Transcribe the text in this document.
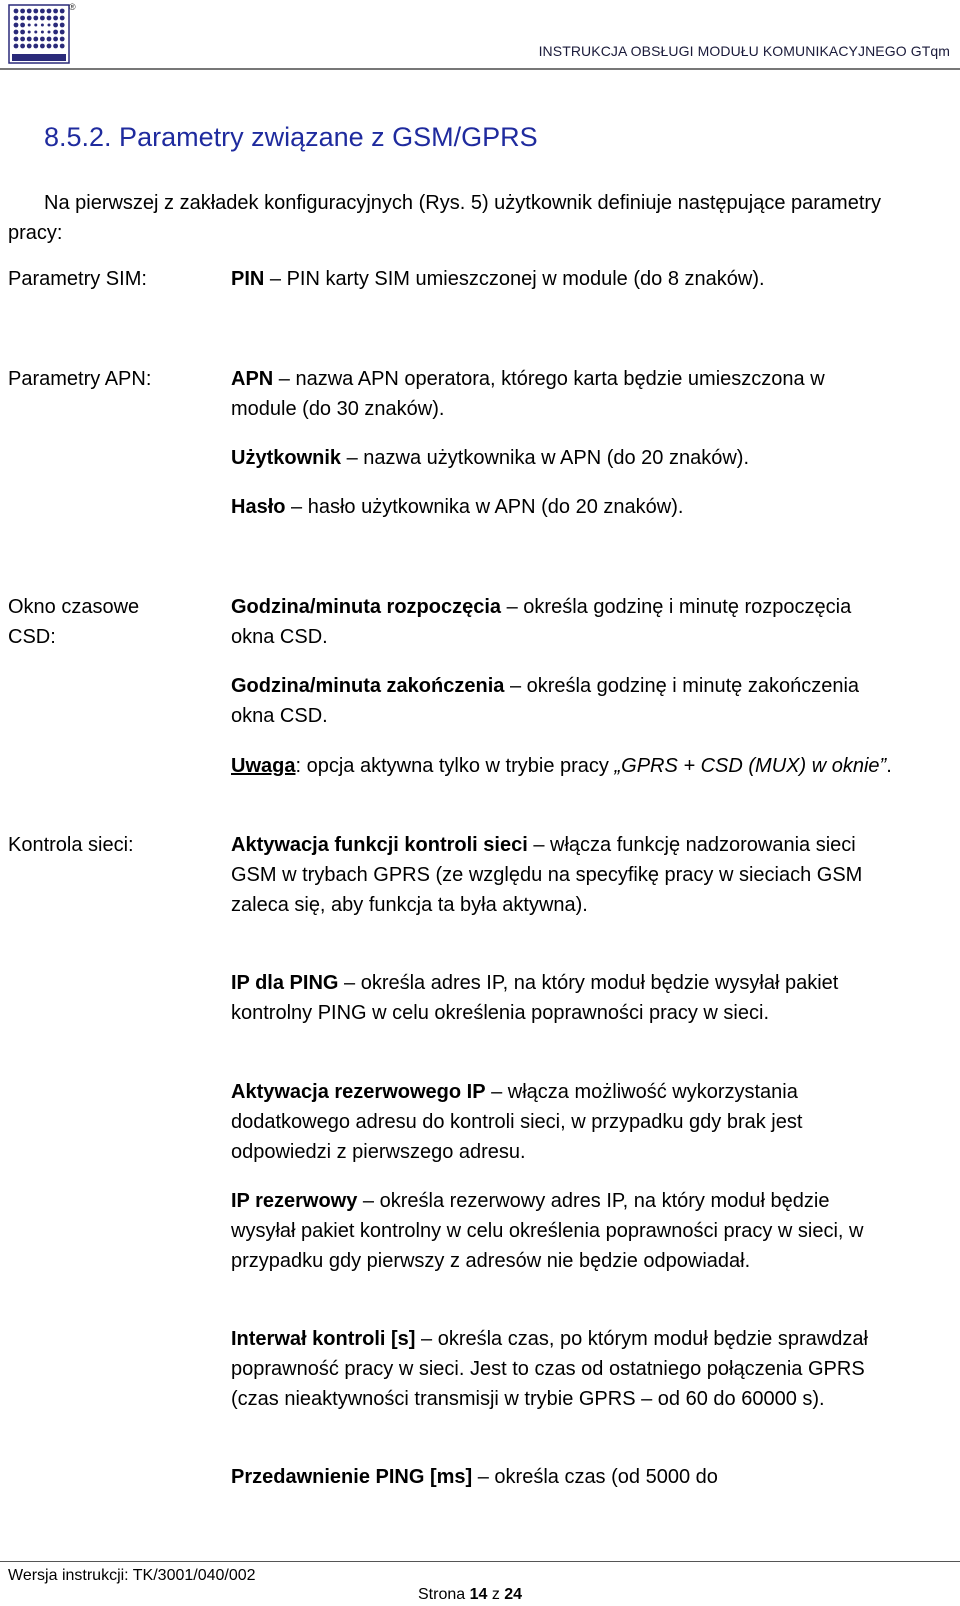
®
INSTRUKCJA OBSŁUGI MODUŁU KOMUNIKACYJNEGO GTqm
8.5.2. Parametry związane z GSM/GPRS

Na pierwszej z zakładek konfiguracyjnych (Rys. 5) użytkownik definiuje następujące parametry pracy:

Parametry SIM:	PIN – PIN karty SIM umieszczonej w module (do 8 znaków).
Parametry APN:	APN – nazwa APN operatora, którego karta będzie umieszczona w module (do 30 znaków).
Użytkownik – nazwa użytkownika w APN (do 20 znaków).
Hasło – hasło użytkownika w APN (do 20 znaków).
Okno czasowe CSD:
Godzina/minuta rozpoczęcia – określa godzinę i minutę rozpoczęcia okna CSD.
Godzina/minuta zakończenia – określa godzinę i minutę zakończenia okna CSD.
Uwaga: opcja aktywna tylko w trybie pracy „GPRS + CSD (MUX) w oknie”.
Kontrola sieci:	Aktywacja funkcji kontroli sieci – włącza funkcję nadzorowania sieci GSM w trybach GPRS (ze względu na specyfikę pracy w sieciach GSM zaleca się, aby funkcja ta była aktywna).
IP dla PING – określa adres IP, na który moduł będzie wysyłał pakiet kontrolny PING w celu określenia poprawności pracy w sieci.
Aktywacja rezerwowego IP – włącza możliwość wykorzystania dodatkowego adresu do kontroli sieci, w przypadku gdy brak jest odpowiedzi z pierwszego adresu.
IP rezerwowy – określa rezerwowy adres IP, na który moduł będzie wysyłał pakiet kontrolny w celu określenia poprawności pracy w sieci, w przypadku gdy pierwszy z adresów nie będzie odpowiadał.
Interwał kontroli [s] – określa czas, po którym moduł będzie sprawdzał poprawność pracy w sieci. Jest to czas od ostatniego połączenia GPRS (czas nieaktywności transmisji w trybie GPRS – od 60 do 60000 s).
Przedawnienie PING [ms] – określa czas (od 5000 do
Wersja instrukcji: TK/3001/040/002
Strona 14 z 24
